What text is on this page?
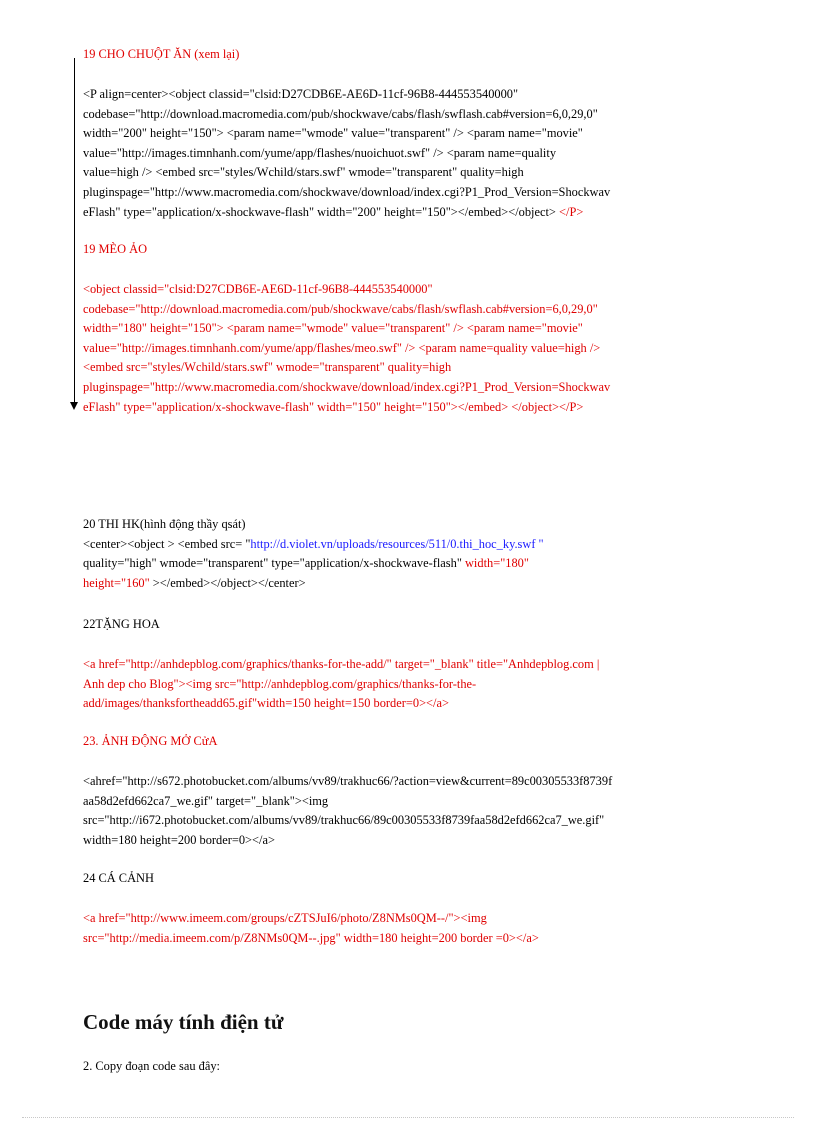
19 CHO CHUỘT ĂN (xem lại)
<P align=center><object classid="clsid:D27CDB6E-AE6D-11cf-96B8-444553540000"
codebase="http://download.macromedia.com/pub/shockwave/cabs/flash/swflash.cab#version=6,0,29,0"
width="200" height="150"> <param name="wmode" value="transparent" /> <param name="movie"
value="http://images.timnhanh.com/yume/app/flashes/nuoichuot.swf" /> <param name=quality
value=high /> <embed src="styles/Wchild/stars.swf" wmode="transparent" quality=high
pluginspage="http://www.macromedia.com/shockwave/download/index.cgi?P1_Prod_Version=Shockwav
eFlash" type="application/x-shockwave-flash" width="200" height="150"></embed></object> </P>
19 MÈO ẢO
<object classid="clsid:D27CDB6E-AE6D-11cf-96B8-444553540000"
codebase="http://download.macromedia.com/pub/shockwave/cabs/flash/swflash.cab#version=6,0,29,0"
width="180" height="150"> <param name="wmode" value="transparent" /> <param name="movie"
value="http://images.timnhanh.com/yume/app/flashes/meo.swf" /> <param name=quality value=high />
<embed src="styles/Wchild/stars.swf" wmode="transparent" quality=high
pluginspage="http://www.macromedia.com/shockwave/download/index.cgi?P1_Prod_Version=Shockwav
eFlash" type="application/x-shockwave-flash" width="150" height="150"></embed> </object></P>
20 THI HK(hình động thầy qsát)
<center><object > <embed src= "http://d.violet.vn/uploads/resources/511/0.thi_hoc_ky.swf "
quality="high" wmode="transparent" type="application/x-shockwave-flash" width="180"
height="160" ></embed></object></center>
22TẶNG HOA
<a href="http://anhdepblog.com/graphics/thanks-for-the-add/" target="_blank" title="Anhdepblog.com |
Anh dep cho Blog"><img src="http://anhdepblog.com/graphics/thanks-for-the-
add/images/thanksfortheadd65.gif"width=150 height=150 border=0></a>
23. ẢNH ĐỘNG MỞ CửA
<ahref="http://s672.photobucket.com/albums/vv89/trakhuc66/?action=view&current=89c00305533f8739f
aa58d2efd662ca7_we.gif" target="_blank"><img
src="http://i672.photobucket.com/albums/vv89/trakhuc66/89c00305533f8739faa58d2efd662ca7_we.gif"
width=180 height=200 border=0></a>
24 CÁ CẢNH
<a href="http://www.imeem.com/groups/cZTSJuI6/photo/Z8NMs0QM--/"><img
src="http://media.imeem.com/p/Z8NMs0QM--.jpg" width=180 height=200 border =0></a>
Code máy tính điện tử
2. Copy đoạn code sau đây:
